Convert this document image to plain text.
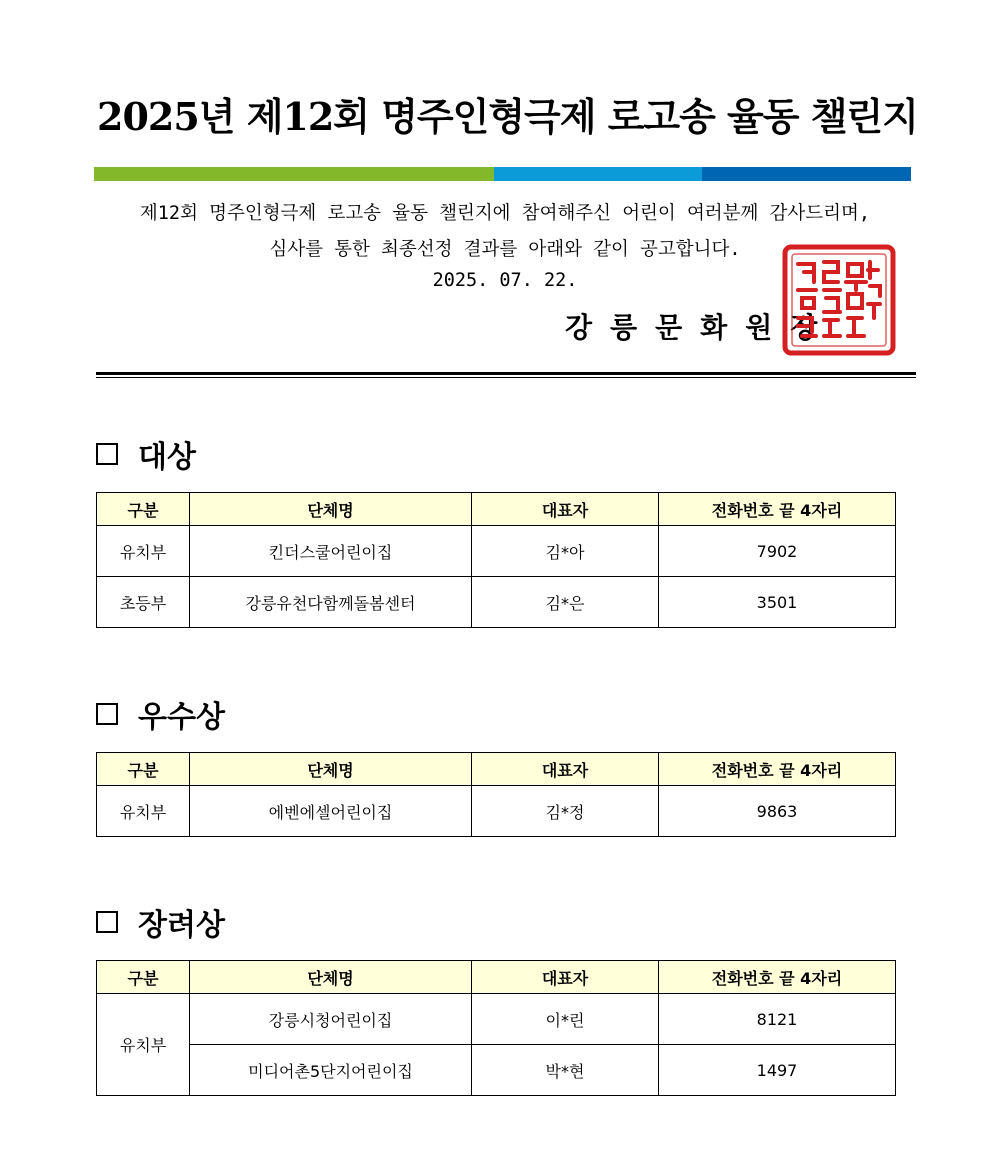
2025년 제12회 명주인형극제 로고송 율동 챌린지
제12회 명주인형극제 로고송 율동 챌린지에 참여해주신 어린이 여러분께 감사드리며,
심사를 통한 최종선정 결과를 아래와 같이 공고합니다.
2025. 07. 22.
강릉문화원장
대상
구분	단체명	대표자	전화번호 끝 4자리
유치부	킨더스쿨어린이집	김*아	7902
초등부	강릉유천다함께돌봄센터	김*은	3501
우수상
구분	단체명	대표자	전화번호 끝 4자리
유치부	에벤에셀어린이집	김*정	9863
장려상
구분	단체명	대표자	전화번호 끝 4자리
유치부	강릉시청어린이집	이*린	8121
	미디어촌5단지어린이집	박*현	1497
